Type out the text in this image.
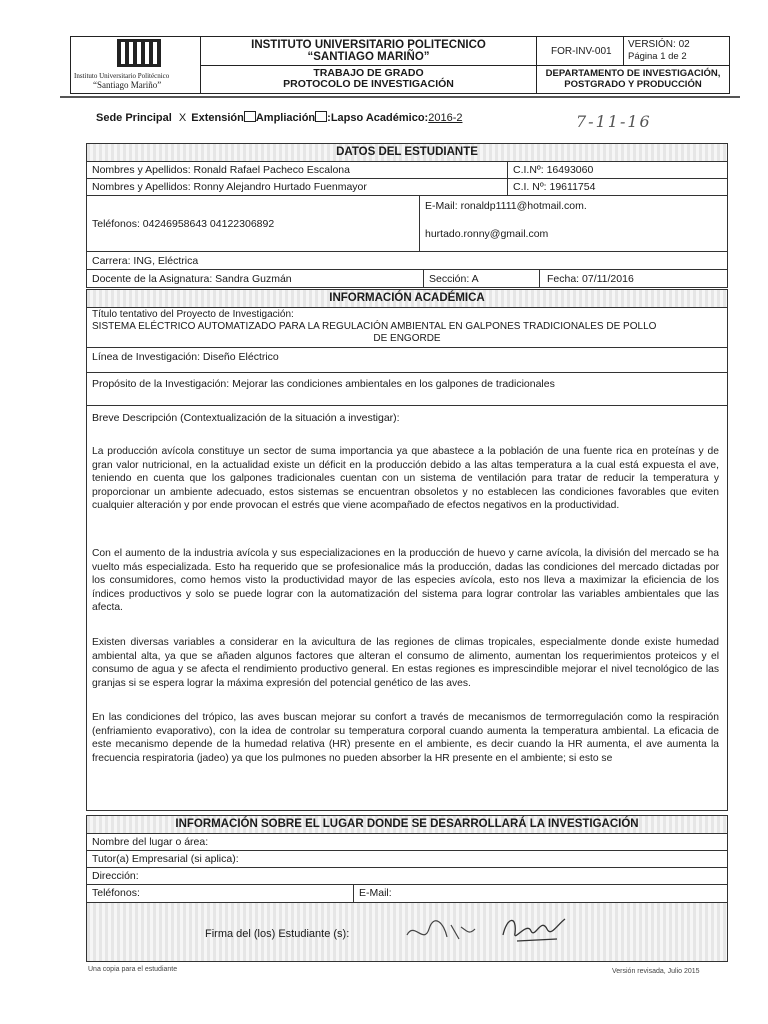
Instituto Universitario Politécnico
“Santiago Mariño”
INSTITUTO UNIVERSITARIO POLITECNICO
“SANTIAGO MARIÑO”
TRABAJO DE GRADO
PROTOCOLO DE INVESTIGACIÓN
FOR-INV-001
VERSIÓN: 02
Página 1 de 2
DEPARTAMENTO DE INVESTIGACIÓN,
POSTGRADO Y PRODUCCIÓN
Sede Principal X Extensión Ampliación :Lapso Académico:2016-2	7-11-16
DATOS DEL ESTUDIANTE
Nombres y Apellidos: Ronald Rafael Pacheco Escalona	C.I.Nº: 16493060
Nombres y Apellidos: Ronny Alejandro Hurtado Fuenmayor	C.I. Nº: 19611754
Teléfonos: 04246958643 04122306892
E-Mail: ronaldp1111@hotmail.com.
hurtado.ronny@gmail.com
Carrera: ING, Eléctrica
Docente de la Asignatura: Sandra Guzmán	Sección: A	Fecha: 07/11/2016
INFORMACIÓN ACADÉMICA
Título tentativo del Proyecto de Investigación:
SISTEMA ELÉCTRICO AUTOMATIZADO PARA LA REGULACIÓN AMBIENTAL EN GALPONES TRADICIONALES DE POLLO
DE ENGORDE
Línea de Investigación: Diseño Eléctrico
Propósito de la Investigación: Mejorar las condiciones ambientales en los galpones de tradicionales
Breve Descripción (Contextualización de la situación a investigar):
La producción avícola constituye un sector de suma importancia ya que abastece a la población de una fuente rica en proteínas y de gran valor nutricional, en la actualidad existe un déficit en la producción debido a las altas temperatura a la cual está expuesta el ave, teniendo en cuenta que los galpones tradicionales cuentan con un sistema de ventilación para tratar de reducir la temperatura y proporcionar un ambiente adecuado, estos sistemas se encuentran obsoletos y no establecen las condiciones favorables que eviten cualquier alteración y por ende provocan el estrés que viene acompañado de efectos negativos en la productividad.
Con el aumento de la industria avícola y sus especializaciones en la producción de huevo y carne avícola, la división del mercado se ha vuelto más especializada. Esto ha requerido que se profesionalice más la producción, dadas las condiciones del mercado dictadas por los consumidores, como hemos visto la productividad mayor de las especies avícola, esto nos lleva a maximizar la eficiencia de los índices productivos y solo se puede lograr con la automatización del sistema para lograr controlar las variables ambientales que las afecta.
Existen diversas variables a considerar en la avicultura de las regiones de climas tropicales, especialmente donde existe humedad ambiental alta, ya que se añaden algunos factores que alteran el consumo de alimento, aumentan los requerimientos proteicos y el consumo de agua y se afecta el rendimiento productivo general. En estas regiones es imprescindible mejorar el nivel tecnológico de las granjas si se espera lograr la máxima expresión del potencial genético de las aves.
En las condiciones del trópico, las aves buscan mejorar su confort a través de mecanismos de termorregulación como la respiración (enfriamiento evaporativo), con la idea de controlar su temperatura corporal cuando aumenta la temperatura ambiental. La eficacia de este mecanismo depende de la humedad relativa (HR) presente en el ambiente, es decir cuando la HR aumenta, el ave aumenta la frecuencia respiratoria (jadeo) ya que los pulmones no pueden absorber la HR presente en el ambiente; si esto se
INFORMACIÓN SOBRE EL LUGAR DONDE SE DESARROLLARÁ LA INVESTIGACIÓN
Nombre del lugar o área:
Tutor(a) Empresarial (si aplica):
Dirección:
Teléfonos:	E-Mail:
Firma del (los) Estudiante (s):
Una copia para el estudiante	Versión revisada, Julio 2015
